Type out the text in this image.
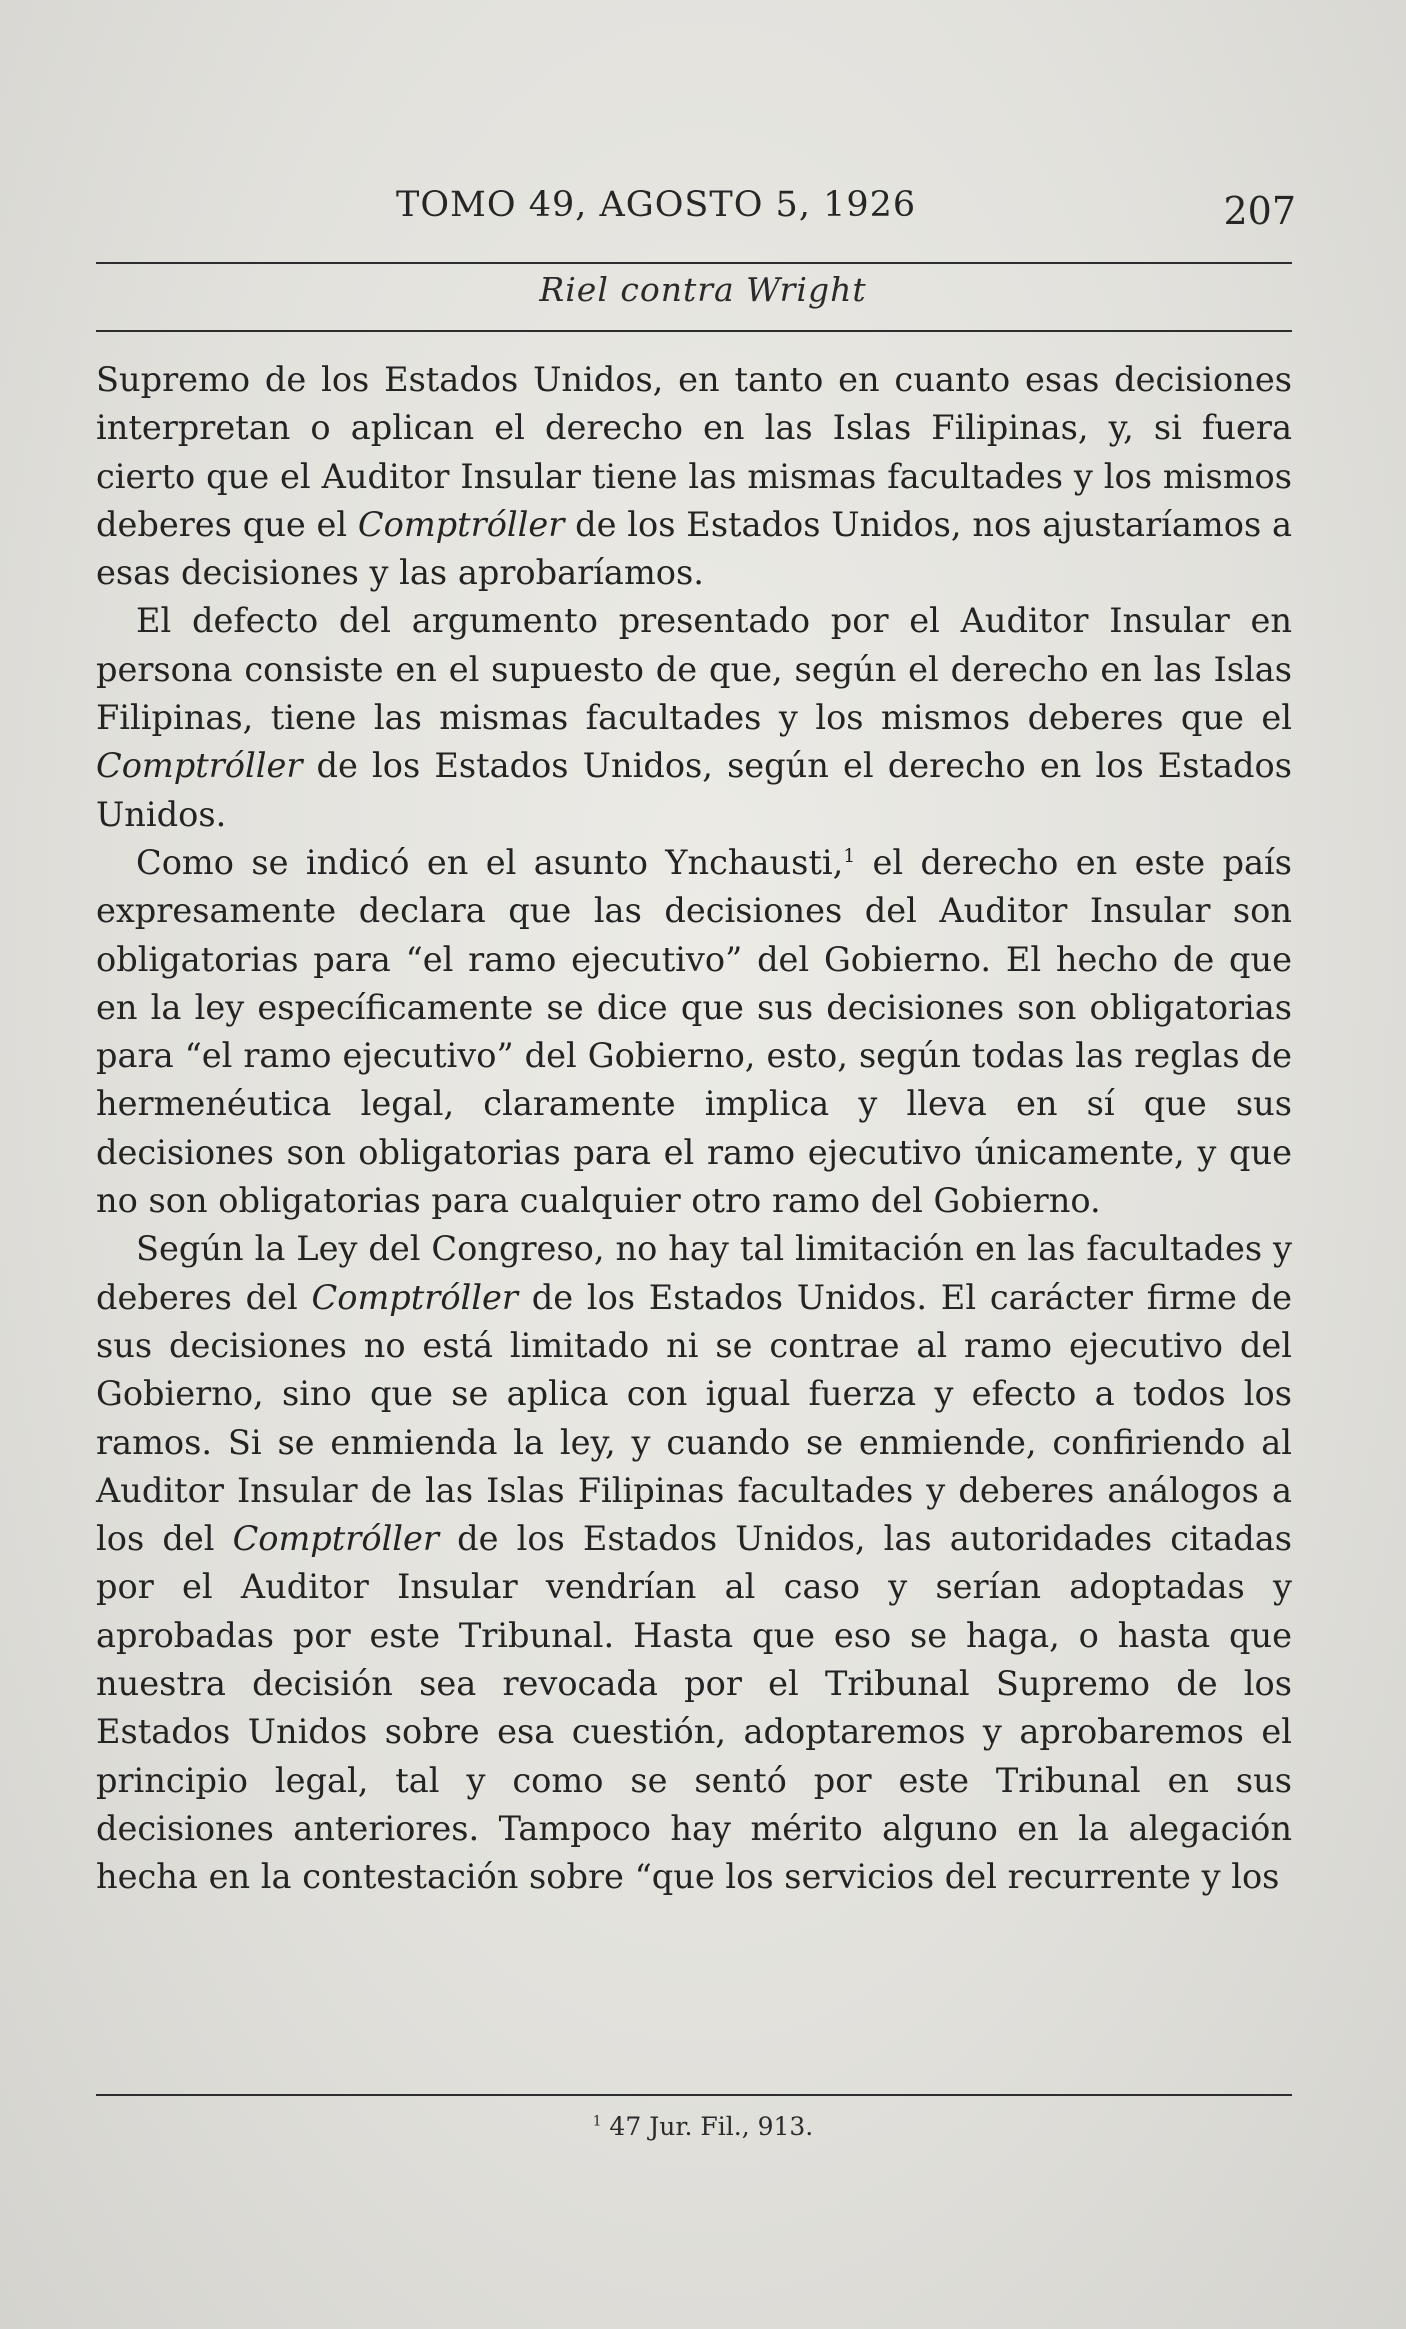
TOMO 49, AGOSTO 5, 1926	207
Riel contra Wright

Supremo de los Estados Unidos, en tanto en cuanto esas decisiones interpretan o aplican el derecho en las Islas Filipinas, y, si fuera cierto que el Auditor Insular tiene las mismas facultades y los mismos deberes que el Comptróller de los Estados Unidos, nos ajustaríamos a esas decisiones y las aprobaríamos.

El defecto del argumento presentado por el Auditor Insular en persona consiste en el supuesto de que, según el derecho en las Islas Filipinas, tiene las mismas facultades y los mismos deberes que el Comptróller de los Estados Unidos, según el derecho en los Estados Unidos.

Como se indicó en el asunto Ynchausti,$^1$ el derecho en este país expresamente declara que las decisiones del Auditor Insular son obligatorias para “el ramo ejecutivo” del Gobierno. El hecho de que en la ley específicamente se dice que sus decisiones son obligatorias para “el ramo ejecutivo” del Gobierno, esto, según todas las reglas de hermenéutica legal, claramente implica y lleva en sí que sus decisiones son obligatorias para el ramo ejecutivo únicamente, y que no son obligatorias para cualquier otro ramo del Gobierno.

Según la Ley del Congreso, no hay tal limitación en las facultades y deberes del Comptróller de los Estados Unidos. El carácter firme de sus decisiones no está limitado ni se contrae al ramo ejecutivo del Gobierno, sino que se aplica con igual fuerza y efecto a todos los ramos. Si se enmienda la ley, y cuando se enmiende, confiriendo al Auditor Insular de las Islas Filipinas facultades y deberes análogos a los del Comptróller de los Estados Unidos, las autoridades citadas por el Auditor Insular vendrían al caso y serían adoptadas y aprobadas por este Tribunal. Hasta que eso se haga, o hasta que nuestra decisión sea revocada por el Tribunal Supremo de los Estados Unidos sobre esa cuestión, adoptaremos y aprobaremos el principio legal, tal y como se sentó por este Tribunal en sus decisiones anteriores. Tampoco hay mérito alguno en la alegación hecha en la contestación sobre “que los servicios del recurrente y los

$^1$ 47 Jur. Fil., 913.
